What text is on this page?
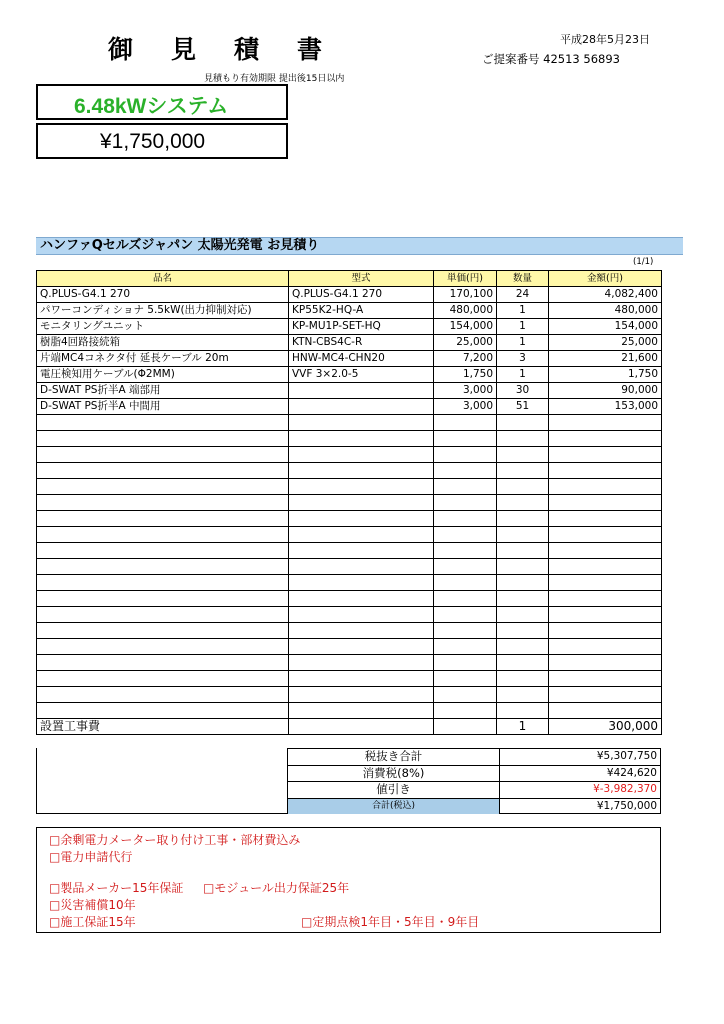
御 見 積 書	平成28年5月23日
ご提案番号 42513 56893
見積もり有効期限 提出後15日以内
6.48kWシステム
¥1,750,000
ハンファQセルズジャパン 太陽光発電 お見積り
(1/1)
品名	型式	単価(円)	数量	金額(円)
Q.PLUS-G4.1 270	Q.PLUS-G4.1 270	170,100	24	4,082,400
パワーコンディショナ 5.5kW(出力抑制対応)	KP55K2-HQ-A	480,000	1	480,000
モニタリングユニット	KP-MU1P-SET-HQ	154,000	1	154,000
樹脂4回路接続箱	KTN-CBS4C-R	25,000	1	25,000
片端MC4コネクタ付 延長ケーブル 20m	HNW-MC4-CHN20	7,200	3	21,600
電圧検知用ケーブル(Φ2MM)	VVF 3×2.0-5	1,750	1	1,750
D-SWAT PS折半A 端部用		3,000	30	90,000
D-SWAT PS折半A 中間用		3,000	51	153,000

設置工事費			1	300,000
税抜き合計	¥5,307,750
消費税(8%)	¥424,620
値引き	¥-3,982,370
合計(税込)	¥1,750,000
□余剰電力メーター取り付け工事・部材費込み
□電力申請代行
□製品メーカー15年保証 □モジュール出力保証25年
□災害補償10年
□施工保証15年	□定期点検1年目・5年目・9年目
